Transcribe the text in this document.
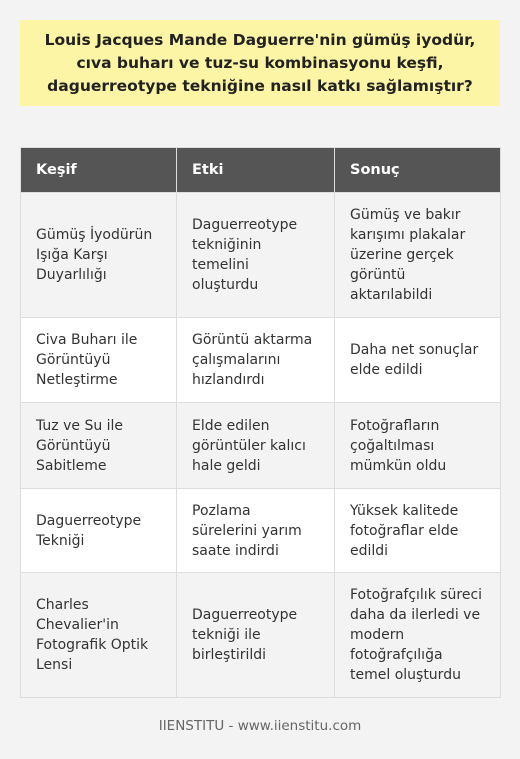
Louis Jacques Mande Daguerre'nin gümüş iyodür, cıva buharı ve tuz-su kombinasyonu keşfi, daguerreotype tekniğine nasıl katkı sağlamıştır?
Keşif	Etki	Sonuç
Gümüş İyodürün Işığa Karşı Duyarlılığı	Daguerreotype tekniğinin temelini oluşturdu	Gümüş ve bakır karışımı plakalar üzerine gerçek görüntü aktarılabildi
Civa Buharı ile Görüntüyü Netleştirme	Görüntü aktarma çalışmalarını hızlandırdı	Daha net sonuçlar elde edildi
Tuz ve Su ile Görüntüyü Sabitleme	Elde edilen görüntüler kalıcı hale geldi	Fotoğrafların çoğaltılması mümkün oldu
Daguerreotype Tekniği	Pozlama sürelerini yarım saate indirdi	Yüksek kalitede fotoğraflar elde edildi
Charles Chevalier'in Fotografik Optik Lensi	Daguerreotype tekniği ile birleştirildi	Fotoğrafçılık süreci daha da ilerledi ve modern fotoğrafçılığa temel oluşturdu
IIENSTITU - www.iienstitu.com
